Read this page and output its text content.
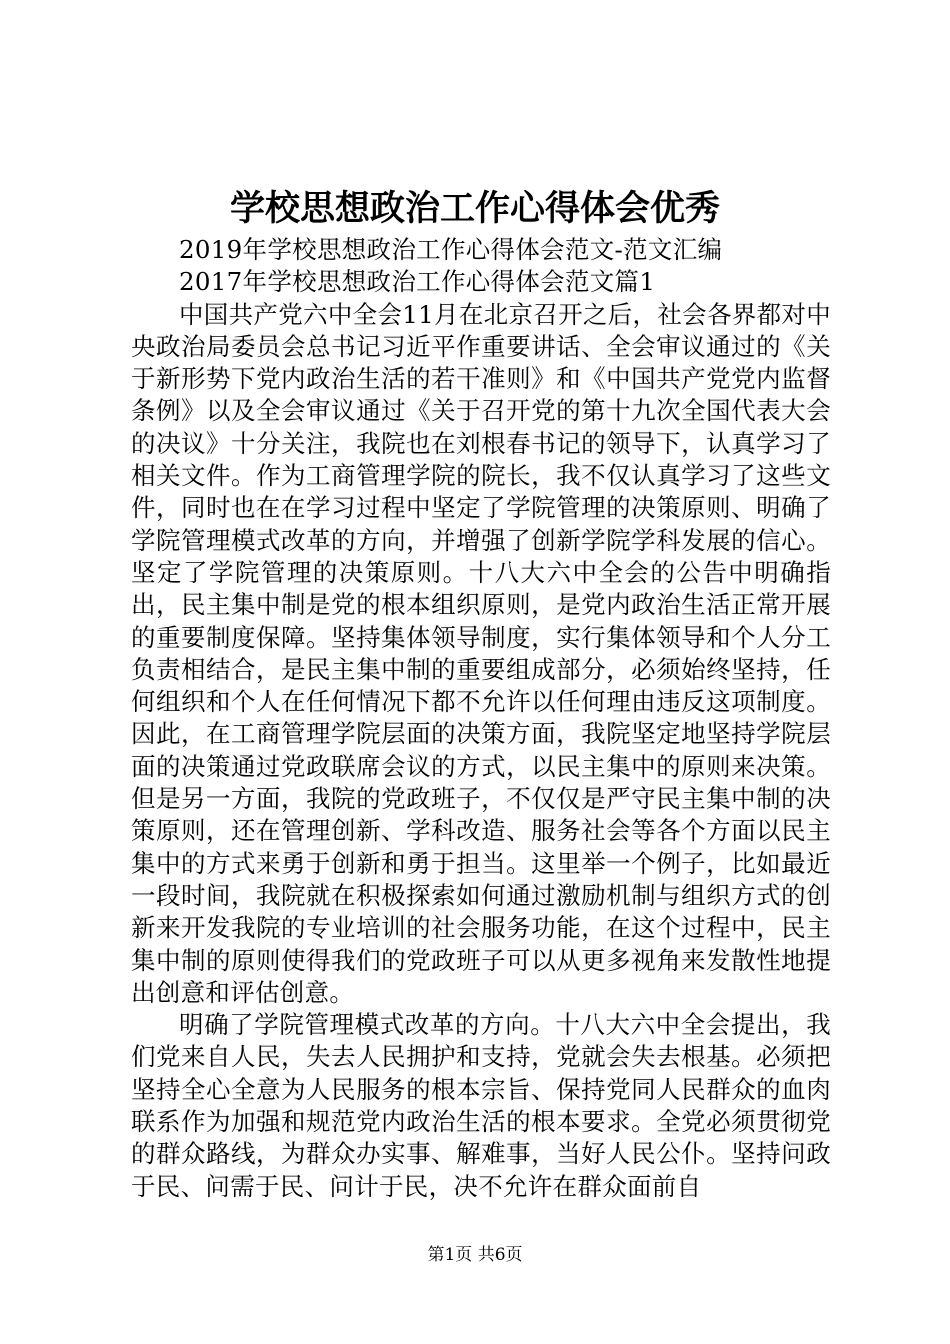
学校思想政治工作心得体会优秀

2019年学校思想政治工作心得体会范文-范文汇编

2017年学校思想政治工作心得体会范文篇1

中国共产党六中全会11月在北京召开之后，社会各界都对中央政治局委员会总书记习近平作重要讲话、全会审议通过的《关于新形势下党内政治生活的若干准则》和《中国共产党党内监督条例》以及全会审议通过《关于召开党的第十九次全国代表大会的决议》十分关注，我院也在刘根春书记的领导下，认真学习了相关文件。作为工商管理学院的院长，我不仅认真学习了这些文件，同时也在在学习过程中坚定了学院管理的决策原则、明确了学院管理模式改革的方向，并增强了创新学院学科发展的信心。坚定了学院管理的决策原则。十八大六中全会的公告中明确指出，民主集中制是党的根本组织原则，是党内政治生活正常开展的重要制度保障。坚持集体领导制度，实行集体领导和个人分工负责相结合，是民主集中制的重要组成部分，必须始终坚持，任何组织和个人在任何情况下都不允许以任何理由违反这项制度。因此，在工商管理学院层面的决策方面，我院坚定地坚持学院层面的决策通过党政联席会议的方式，以民主集中的原则来决策。但是另一方面，我院的党政班子，不仅仅是严守民主集中制的决策原则，还在管理创新、学科改造、服务社会等各个方面以民主集中的方式来勇于创新和勇于担当。这里举一个例子，比如最近一段时间，我院就在积极探索如何通过激励机制与组织方式的创新来开发我院的专业培训的社会服务功能，在这个过程中，民主集中制的原则使得我们的党政班子可以从更多视角来发散性地提出创意和评估创意。

明确了学院管理模式改革的方向。十八大六中全会提出，我们党来自人民，失去人民拥护和支持，党就会失去根基。必须把坚持全心全意为人民服务的根本宗旨、保持党同人民群众的血肉联系作为加强和规范党内政治生活的根本要求。全党必须贯彻党的群众路线，为群众办实事、解难事，当好人民公仆。坚持问政于民、问需于民、问计于民，决不允许在群众面前自

第1页 共6页
